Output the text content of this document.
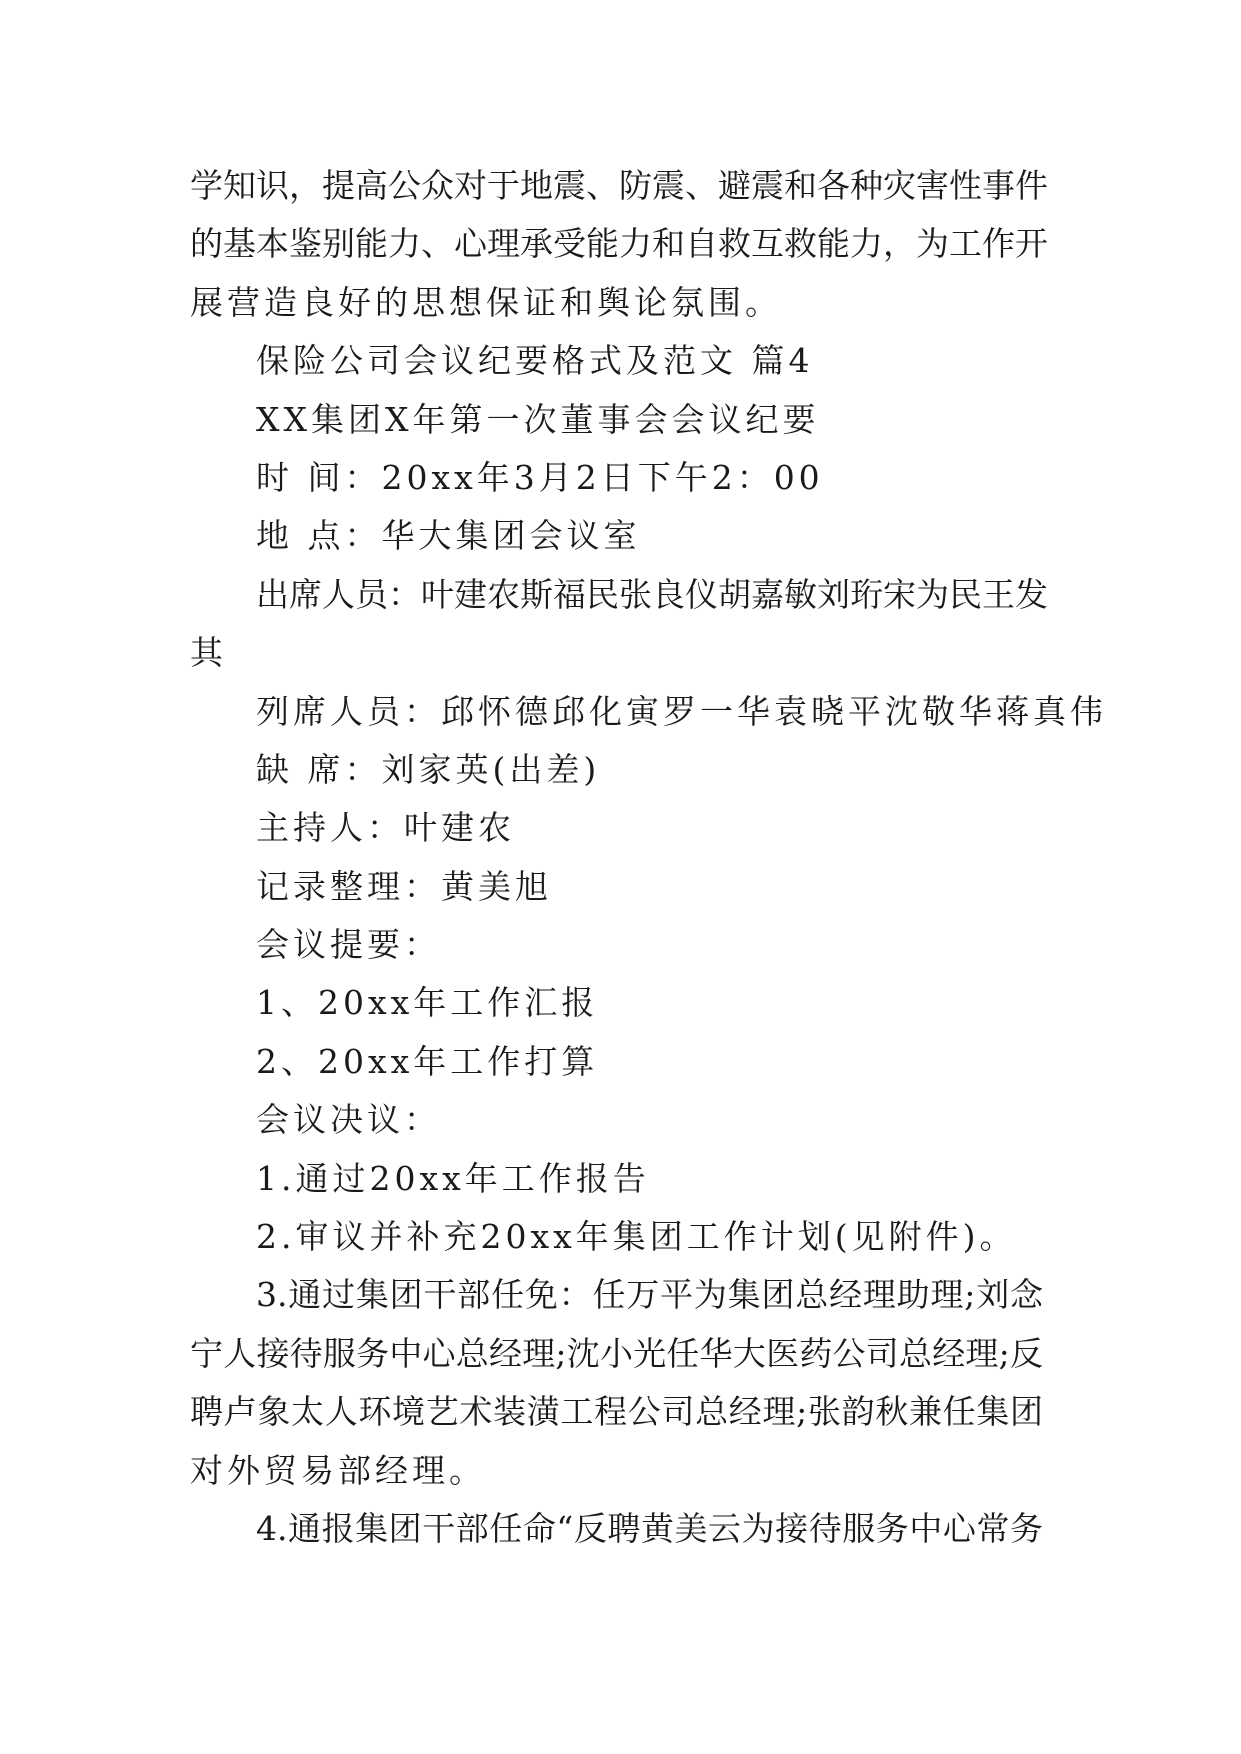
学知识，提高公众对于地震、防震、避震和各种灾害性事件
的基本鉴别能力、心理承受能力和自救互救能力，为工作开
展营造良好的思想保证和舆论氛围。
保险公司会议纪要格式及范文 篇4
XX集团X年第一次董事会会议纪要
时 间：20xx年3月2日下午2：00
地 点：华大集团会议室
出席人员：叶建农斯福民张良仪胡嘉敏刘珩宋为民王发
其
列席人员：邱怀德邱化寅罗一华袁晓平沈敬华蒋真伟
缺 席：刘家英(出差)
主持人：叶建农
记录整理：黄美旭
会议提要：
1、20xx年工作汇报
2、20xx年工作打算
会议决议：
1.通过20xx年工作报告
2.审议并补充20xx年集团工作计划(见附件)。
3.通过集团干部任免：任万平为集团总经理助理;刘念
宁人接待服务中心总经理;沈小光任华大医药公司总经理;反
聘卢象太人环境艺术装潢工程公司总经理;张韵秋兼任集团
对外贸易部经理。
4.通报集团干部任命“反聘黄美云为接待服务中心常务
